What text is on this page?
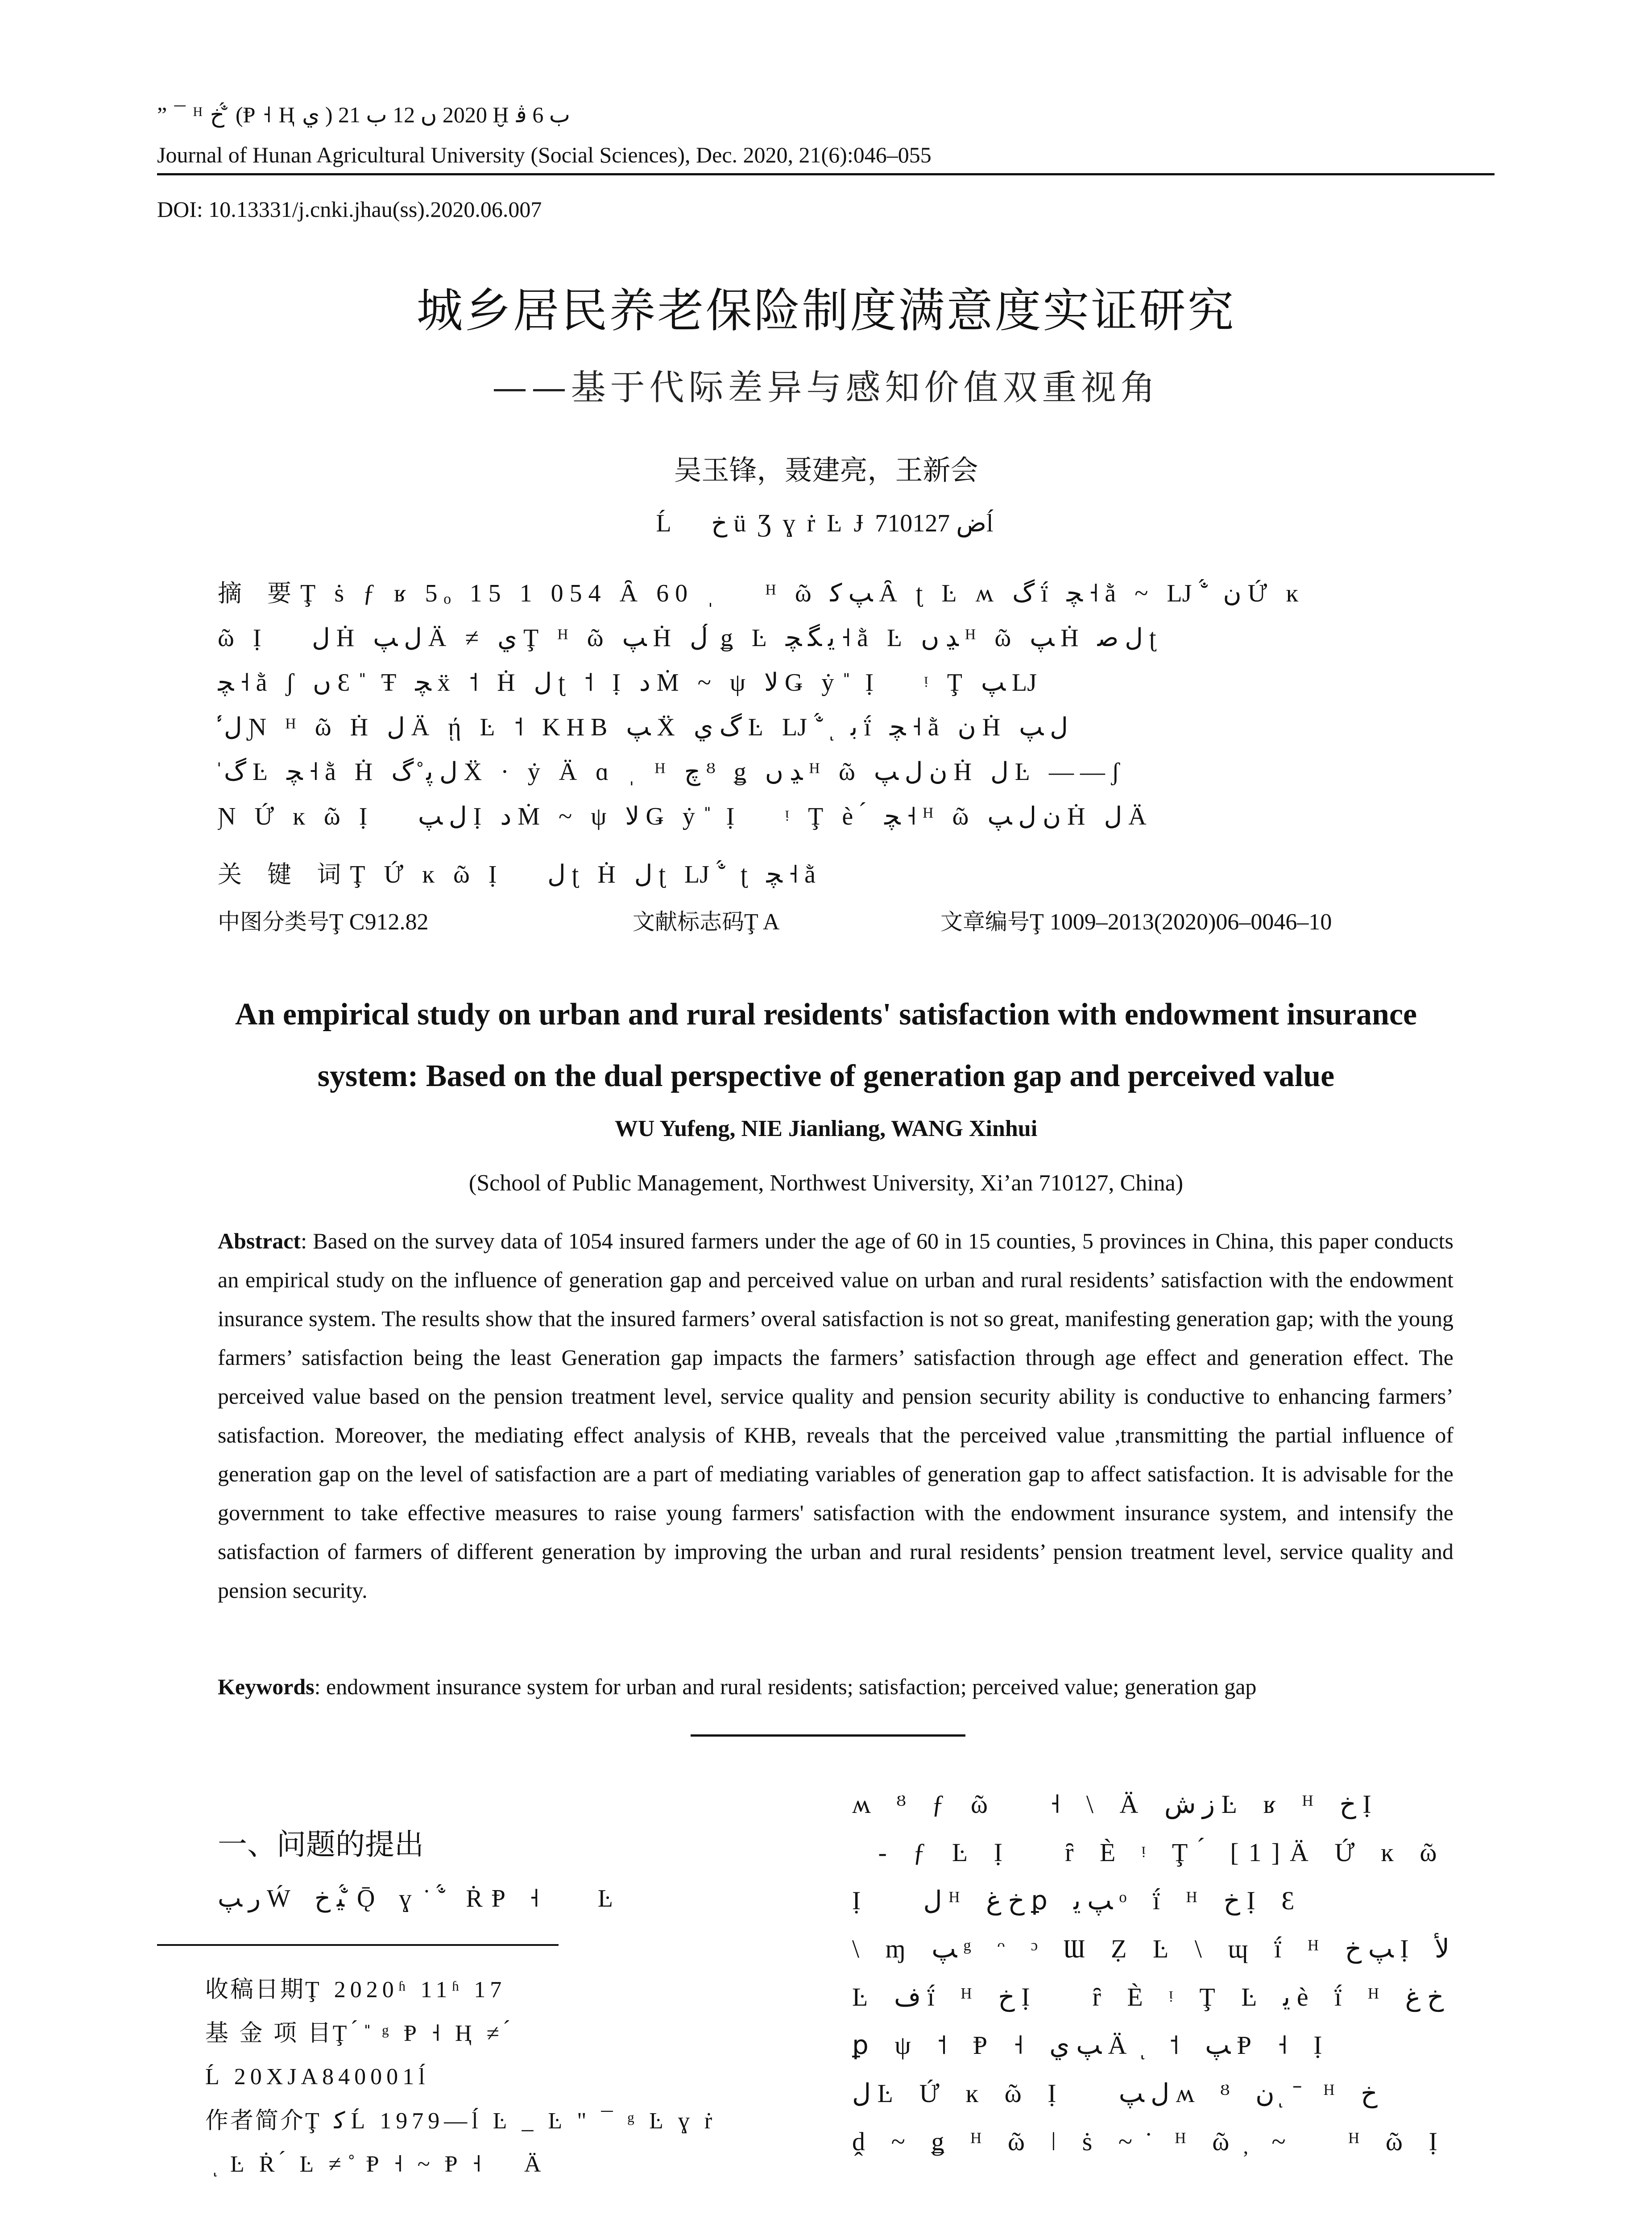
” ¯ ᴴ ﺥ ̐́ (Ᵽ ˧ Ⱨ ي ) 2020 ں 12 ﺏ 21 Ḫ ﺏ 6 ﭬ
Journal of Hunan Agricultural University (Social Sciences), Dec. 2020, 21(6):046–055
DOI: 10.13331/j.cnki.jhau(ss).2020.06.007
城乡居民养老保险制度满意度实证研究
——基于代际差异与感知价值双重视角
吴玉锋，聂建亮，王新会
Ĺ ⃞ ﺥ ü Ʒ ɣ ṙ Ŀ Ɉ ﺽ 710127ĺ
摘 要Ţ ṡ ƒ ʁ 5ₒ 15 1 054 Ȃ 60 ˌ ⃞ ᴴ ῶ ﭗ ﮐ Ȃ ʈ Ŀ ʍ ﮒ ḯ ﭽ ˧ ằ ~ Ǉ ̐́ ﻥ Ứ ĸ
ῶ Ị ⃞ ﻝ Ḣ ﻝ ﭗ Ä ≠ ﻱ Ţ ᴴ ῶ ﭗ Ḣ ﻝ ́ ǥ Ŀ ﯾ ﮕ ﭽ ˧ ằ Ŀ ﮃ ں ᴴ ῶ ﭗ Ḣ ﻝ ﺻ ʈ
ﭽ ˧ ằ ʃ ں Ɛ ̎ Ŧ ﭽ ẍ ˦ Ḣ ﻝ ʈ ˦ Ị ﺩ Ṁ ~ ψ ﻻ Ǥ ẏ ̎ Ị ⃞ ᵎ Ţ ﭗ Ǉ
̐́ ﻝ́ Ɲ ᴴ ῶ Ḣ ﻝ Ä ῄ Ŀ ˦ KHB ﭗ Ẍ ﮒ ﻱ Ŀ Ǉ ̐́ ͅ ﺑ ḯ ﭽ ˧ ằ ﻥ Ḣ ﻝ ﭗ
̎ ﮒ Ŀ ﭽ ˧ ằ Ḣ ﻝ ﭘ ̊ ﮒ Ẍ · ẏ Ä ɑ ˌ ᴴ ﭺ ᴽ ǥ ﮃ ں ᴴ ῶ ﻥ ﻝ ﭗ Ḣ ﻝ Ŀ ——ʃ
Ɲ Ứ ĸ ῶ Ị ⃞ ﻝ ﭗ Ị ﺩ Ṁ ~ ψ ﻻ Ǥ ẏ ̎ Ị ⃞ ᵎ Ţ è ́ ﭽ ˧ ᴴ ῶ ﻥ ﻝ ﭗ Ḣ ﻝ Ä
关 键 词Ţ Ứ ĸ ῶ Ị ⃞ ﻝ ʈ Ḣ ﻝ ʈ Ǉ ̐́ ʈ ﭽ ˧ ằ
中图分类号Ţ C912.82	文献标志码Ţ A	文章编号Ţ 1009–2013(2020)06–0046–10
An empirical study on urban and rural residents' satisfaction with endowment insurance
system: Based on the dual perspective of generation gap and perceived value
WU Yufeng, NIE Jianliang, WANG Xinhui
(School of Public Management, Northwest University, Xi’an 710127, China)
Abstract: Based on the survey data of 1054 insured farmers under the age of 60 in 15 counties, 5 provinces in China, this paper conducts an empirical study on the influence of generation gap and perceived value on urban and rural residents’ satisfaction with the endowment insurance system. The results show that the insured farmers’ overal satisfaction is not so great, manifesting generation gap; with the young farmers’ satisfaction being the least Generation gap impacts the farmers’ satisfaction through age effect and generation effect. The perceived value based on the pension treatment level, service quality and pension security ability is conductive to enhancing farmers’ satisfaction. Moreover, the mediating effect analysis of KHB, reveals that the perceived value ,transmitting the partial influence of generation gap on the level of satisfaction are a part of mediating variables of generation gap to affect satisfaction. It is advisable for the government to take effective measures to raise young farmers' satisfaction with the endowment insurance system, and intensify the satisfaction of farmers of different generation by improving the urban and rural residents’ pension treatment level, service quality and pension security.
Keywords: endowment insurance system for urban and rural residents; satisfaction; perceived value; generation gap
一、问题的提出
ﺭ ﭗ Ẃ ﯿ ﺥ ̐́ Ǭ ɣ ̇ ̐́ ṘⱣ ˧ ⃞ Ŀ
收稿日期Ţ 2020ʱ 11ʱ 17
基 金 项 目Ţ ́ ̎ ᵍ Ᵽ ˧ Ⱨ ≠ ́
Ĺ 20XJA840001ĺ
作者简介Ţ ﮐ Ĺ 1979—ĺ Ŀ _ Ŀ " ¯ ᵍ Ŀ ɣ ṙ
̀ ͅ Ŀ Ṙ ́ Ŀ ≠ ̊ Ᵽ ˧ ~ Ᵽ ˧ ⃞ Ä
ʍ ᴽ ƒ ῶ ⃞ ˧ \ Ä ﺯ ﺵ Ŀ ʁ ᴴ ﺥ Ị ⃞
́ - ƒ Ŀ Ị ⃞ ȓ È ᵎ Ţ ́ [1]Ä Ứ ĸ ῶ
Ị ⃞ ﻝ ᴴ ﺥ ﻍ ꝑ ﭗ ﯾ ᵒ ḯ ᴴ ﺥ Ị Ɛ
\ ɱ ﭗ ᵍ ᵔ ᵓ Ɯ Ẓ Ŀ \ ɰ ḯ ᴴ ﭗ ﺥ Ị ﻷ
Ŀ ﻑ ḯ ᴴ ﺥ Ị ⃞ ȓ È ᵎ Ţ Ŀ ﯾ è ḯ ᴴ ﺥ ﻍ
ꝑ ψ ˦ Ᵽ ˧ ﭗ ﻱ Ä ͅ ˦ ﭗ Ᵽ ˧ Ị ⃞
ﻝ Ŀ Ứ ĸ ῶ Ị ⃞ ﻝ ﭗ ʍ ᴽ ﻥ ͅ ̄ ᴴ ﺥ
ḓ ~ ǥ ᴴ ῶ ǀ ṡ ~ ̇ ᴴ ῶ ̦ ~ ⃞ ᴴ ῶ Ị
